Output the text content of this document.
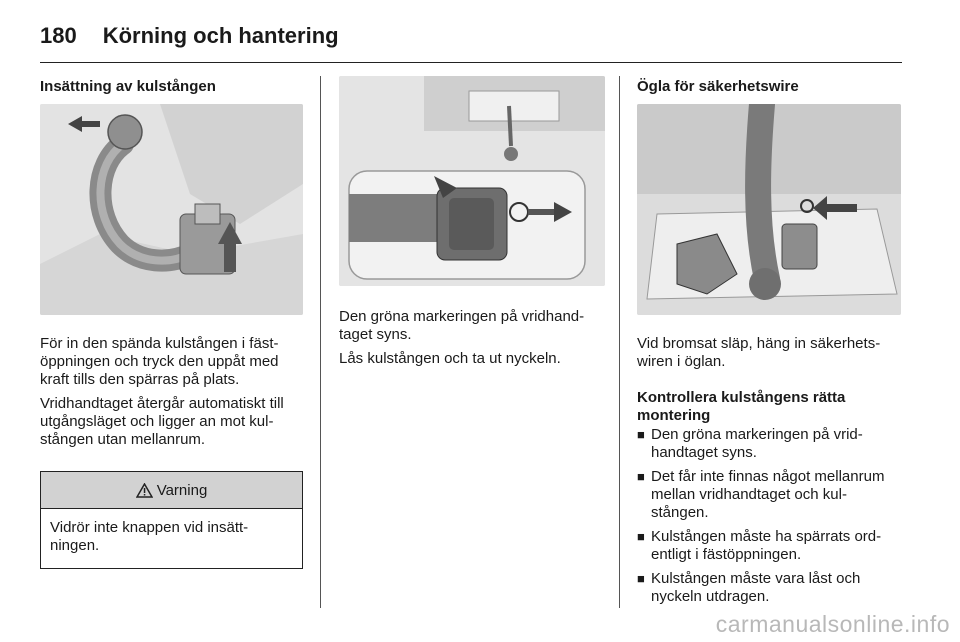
180 Körning och hantering
Insättning av kulstången

För in den spända kulstången i fäst-
öppningen och tryck den uppåt med
kraft tills den spärras på plats.

Vridhandtaget återgår automatiskt till
utgångsläget och ligger an mot kul-
stången utan mellanrum.

Varning
Vidrör inte knappen vid insätt-
ningen.

Den gröna markeringen på vridhand-
taget syns.

Lås kulstången och ta ut nyckeln.

Ögla för säkerhetswire

Vid bromsat släp, häng in säkerhets-
wiren i öglan.

Kontrollera kulstångens rätta
montering
■ Den gröna markeringen på vrid-
handtaget syns.
■ Det får inte finnas något mellanrum
mellan vridhandtaget och kul-
stången.
■ Kulstången måste ha spärrats ord-
entligt i fästöppningen.
■ Kulstången måste vara låst och
nyckeln utdragen.
carmanualsonline.info
